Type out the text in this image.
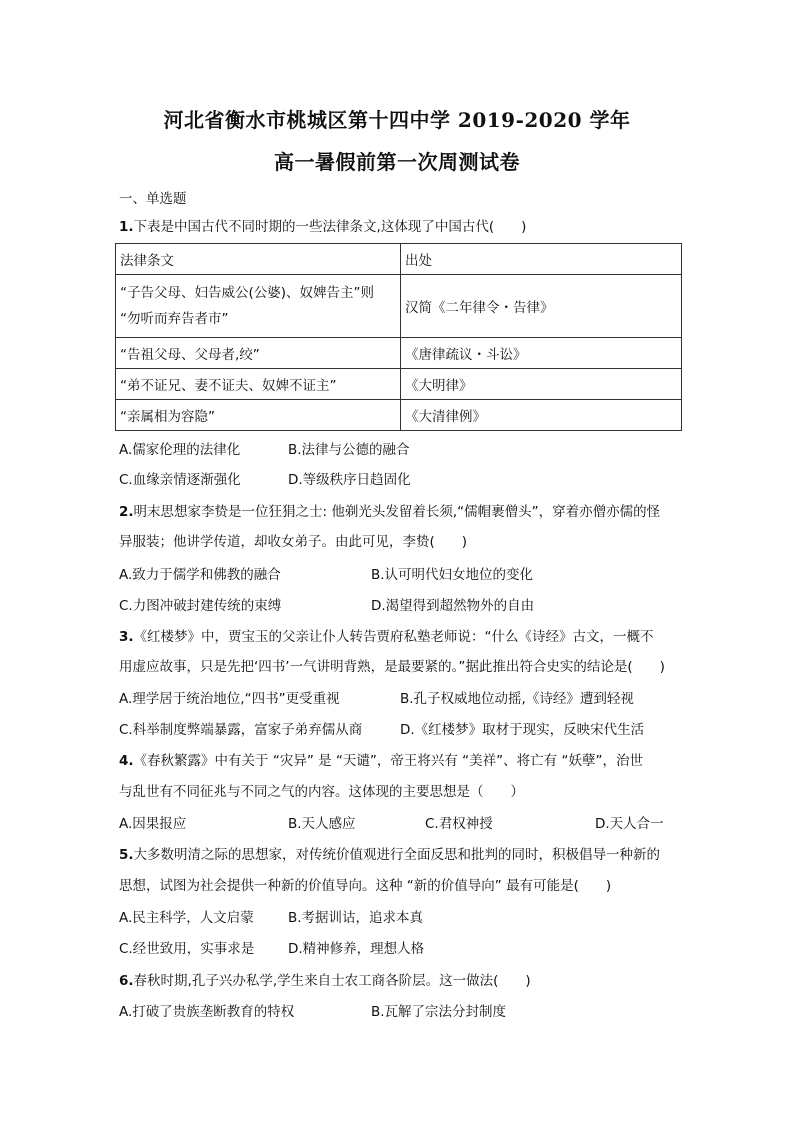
河北省衡水市桃城区第十四中学 2019-2020 学年
高一暑假前第一次周测试卷
一、单选题
1.下表是中国古代不同时期的一些法律条文,这体现了中国古代(　　)
法律条文	出处

“子告父母、妇告威公(公婆)、奴婢告主”则
“勿听而弃告者市”	汉简《二年律令・告律》
“告祖父母、父母者,绞”	《唐律疏议・斗讼》
“弟不证兄、妻不证夫、奴婢不证主”	《大明律》
“亲属相为容隐”	《大清律例》
A.儒家伦理的法律化	B.法律与公德的融合
C.血缘亲情逐渐强化	D.等级秩序日趋固化
2.明末思想家李贽是一位狂狷之士: 他剃光头发留着长须,“儒帽裹僧头”，穿着亦僧亦儒的怪
异服装；他讲学传道，却收女弟子。由此可见，李贽(　　)
A.致力于儒学和佛教的融合	B.认可明代妇女地位的变化
C.力图冲破封建传统的束缚	D.渴望得到超然物外的自由
3.《红楼梦》中，贾宝玉的父亲让仆人转告贾府私塾老师说：“什么《诗经》古文，一概不
用虚应故事，只是先把‘四书’一气讲明背熟，是最要紧的。”据此推出符合史实的结论是(　　)
A.理学居于统治地位,“四书”更受重视	B.孔子权威地位动摇,《诗经》遭到轻视
C.科举制度弊端暴露，富家子弟弃儒从商	D.《红楼梦》取材于现实，反映宋代生活
4.《春秋繁露》中有关于 “灾异” 是 “天谴”，帝王将兴有 “美祥”、将亡有 “妖孽”，治世
与乱世有不同征兆与不同之气的内容。这体现的主要思想是（　　）
A.因果报应	B.天人感应	C.君权神授	D.天人合一
5.大多数明清之际的思想家，对传统价值观进行全面反思和批判的同时，积极倡导一种新的
思想，试图为社会提供一种新的价值导向。这种 “新的价值导向” 最有可能是(　　)
A.民主科学，人文启蒙	B.考据训诂，追求本真
C.经世致用，实事求是	D.精神修养，理想人格
6.春秋时期,孔子兴办私学,学生来自士农工商各阶层。这一做法(　　)
A.打破了贵族垄断教育的特权	B.瓦解了宗法分封制度
